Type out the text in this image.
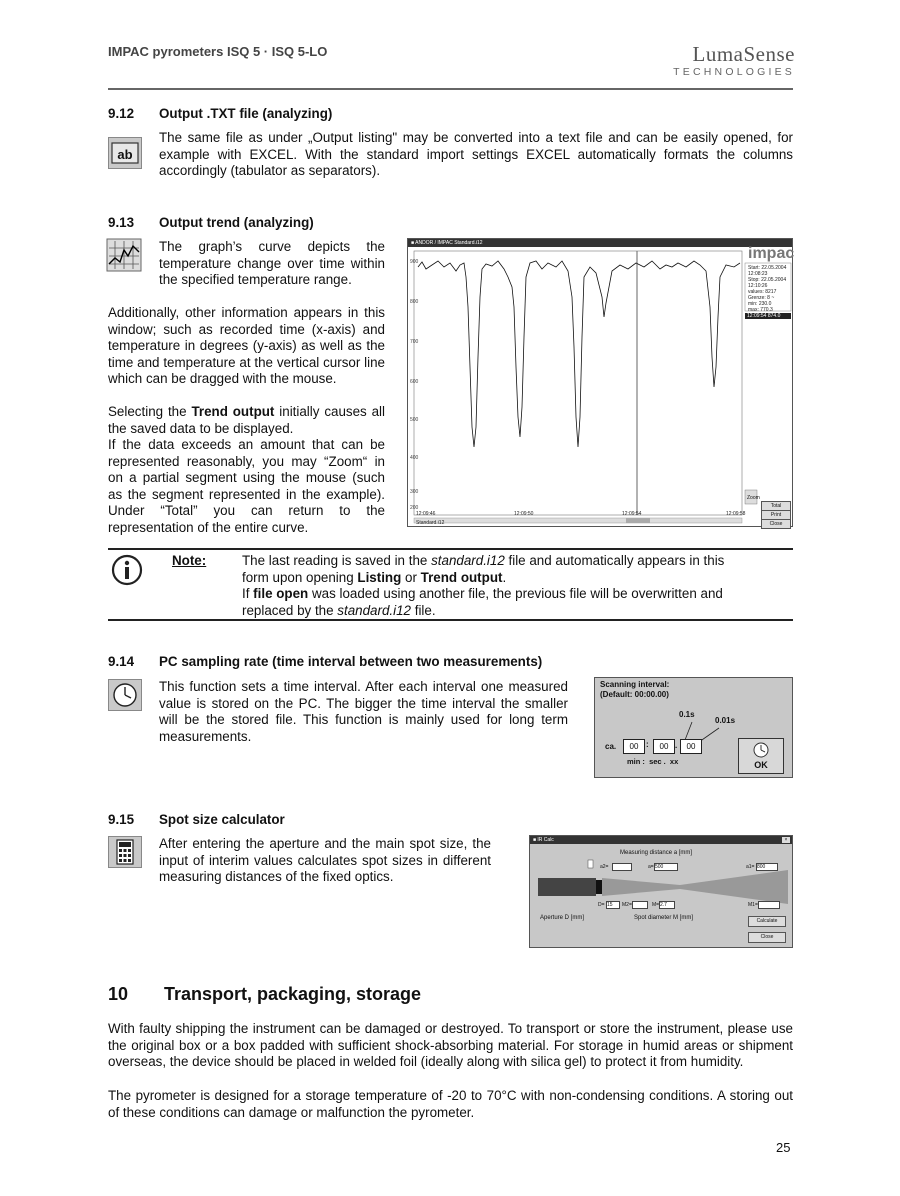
IMPAC pyrometers ISQ 5 · ISQ 5-LO	LumaSense
TECHNOLOGIES
9.12 Output .TXT file (analyzing)
ab
The same file as under „Output listing" may be converted into a text file and can be easily opened, for example with EXCEL. With the standard import settings EXCEL automatically formats the columns accordingly (tabulator as separators).
9.13 Output trend (analyzing)
The graph’s curve depicts the temperature change over time within the specified temperature range.
Additionally, other information appears in this window; such as recorded time (x-axis) and temperature in degrees (y-axis) as well as the time and temperature at the vertical cursor line which can be dragged with the mouse.
Selecting the Trend output initially causes all the saved data to be displayed.
If the data exceeds an amount that can be represented reasonably, you may “Zoom“ in on a partial segment using the mouse (such as the segment represented in the example). Under “Total” you can return to the representation of the entire curve.
■ ANDOR / IMPAC Standard.i12
impac
900
800
700
600
500
400
300
200
12:09:46	12:09:50	12:09:54	12:09:58
Standard.i12
Start: 22.05.2004 12:08:23
Stop: 22.05.2004 12:10:26
values: 8217
Grenze: 8 ~
min: 230.0
max: 770.3
12:09:54 874.0
Zoom
Total
Print
Close
Note:	The last reading is saved in the standard.i12 file and automatically appears in this
form upon opening Listing or Trend output.
If file open was loaded using another file, the previous file will be overwritten and
replaced by the standard.i12 file.
9.14 PC sampling rate (time interval between two measurements)
This function sets a time interval. After each interval one measured value is stored on the PC. The bigger the time interval the smaller will be the stored file. This function is mainly used for long term measurements.
Scanning interval:
(Default: 00:00.00)
0.1s
0.01s
ca.	00 :	00 .	00
min :  sec .  xx	OK
9.15 Spot size calculator
After entering the aperture and the main spot size, the input of interim values calculates spot sizes in different measuring distances of the fixed optics.
■ IR Calc	×
Measuring distance a [mm]
a2=	a= 500	a1= 800
D= 15	M2=	M= 2.7	M1=
Aperture D [mm]	Spot diameter M [mm]	Calculate
Close
10 Transport, packaging, storage
With faulty shipping the instrument can be damaged or destroyed. To transport or store the instrument, please use the original box or a box padded with sufficient shock-absorbing material. For storage in humid areas or shipment overseas, the device should be placed in welded foil (ideally along with silica gel) to protect it from humidity.
The pyrometer is designed for a storage temperature of -20 to 70°C with non-condensing conditions. A storing out of these conditions can damage or malfunction the pyrometer.
25
